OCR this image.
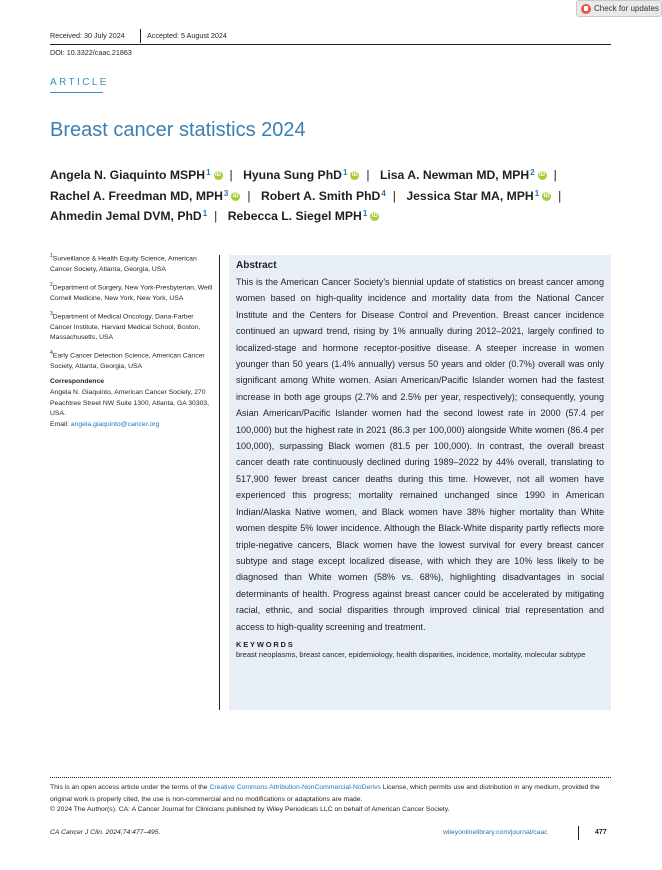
Check for updates
Received: 30 July 2024	Accepted: 5 August 2024
DOI: 10.3322/caac.21863
ARTICLE
Breast cancer statistics 2024
Angela N. Giaquinto MSPH$^1$ iD | Hyuna Sung PhD$^1$ iD | Lisa A. Newman MD, MPH$^2$ iD |
Rachel A. Freedman MD, MPH$^3$ iD | Robert A. Smith PhD$^4$ | Jessica Star MA, MPH$^1$ iD |
Ahmedin Jemal DVM, PhD$^1$ | Rebecca L. Siegel MPH$^1$ iD
$^1$Surveillance & Health Equity Science, American Cancer Society, Atlanta, Georgia, USA
$^2$Department of Surgery, New York-Presbyterian, Weill Cornell Medicine, New York, New York, USA
$^3$Department of Medical Oncology, Dana-Farber Cancer Institute, Harvard Medical School, Boston, Massachusetts, USA
$^4$Early Cancer Detection Science, American Cancer Society, Atlanta, Georgia, USA
Correspondence
Angela N. Giaquinto, American Cancer Society, 270 Peachtree Street NW Suite 1300, Atlanta, GA 30303, USA.
Email: angela.giaquinto@cancer.org
Abstract
This is the American Cancer Society's biennial update of statistics on breast cancer among women based on high-quality incidence and mortality data from the National Cancer Institute and the Centers for Disease Control and Prevention. Breast cancer incidence continued an upward trend, rising by 1% annually during 2012–2021, largely confined to localized-stage and hormone receptor-positive disease. A steeper increase in women younger than 50 years (1.4% annually) versus 50 years and older (0.7%) overall was only significant among White women. Asian American/Pacific Islander women had the fastest increase in both age groups (2.7% and 2.5% per year, respectively); consequently, young Asian American/Pacific Islander women had the second lowest rate in 2000 (57.4 per 100,000) but the highest rate in 2021 (86.3 per 100,000) alongside White women (86.4 per 100,000), surpassing Black women (81.5 per 100,000). In contrast, the overall breast cancer death rate continuously declined during 1989–2022 by 44% overall, translating to 517,900 fewer breast cancer deaths during this time. However, not all women have experienced this progress; mortality remained unchanged since 1990 in American Indian/Alaska Native women, and Black women have 38% higher mortality than White women despite 5% lower incidence. Although the Black-White disparity partly reflects more triple-negative cancers, Black women have the lowest survival for every breast cancer subtype and stage except localized disease, with which they are 10% less likely to be diagnosed than White women (58% vs. 68%), highlighting disadvantages in social determinants of health. Progress against breast cancer could be accelerated by mitigating racial, ethnic, and social disparities through improved clinical trial representation and access to high-quality screening and treatment.
KEYWORDS
breast neoplasms, breast cancer, epidemiology, health disparities, incidence, mortality, molecular subtype
This is an open access article under the terms of the Creative Commons Attribution-NonCommercial-NoDerivs License, which permits use and distribution in any medium, provided the original work is properly cited, the use is non-commercial and no modifications or adaptations are made.
© 2024 The Author(s). CA: A Cancer Journal for Clinicians published by Wiley Periodicals LLC on behalf of American Cancer Society.
CA Cancer J Clin. 2024;74:477–495.	wileyonlinelibrary.com/journal/caac	477
